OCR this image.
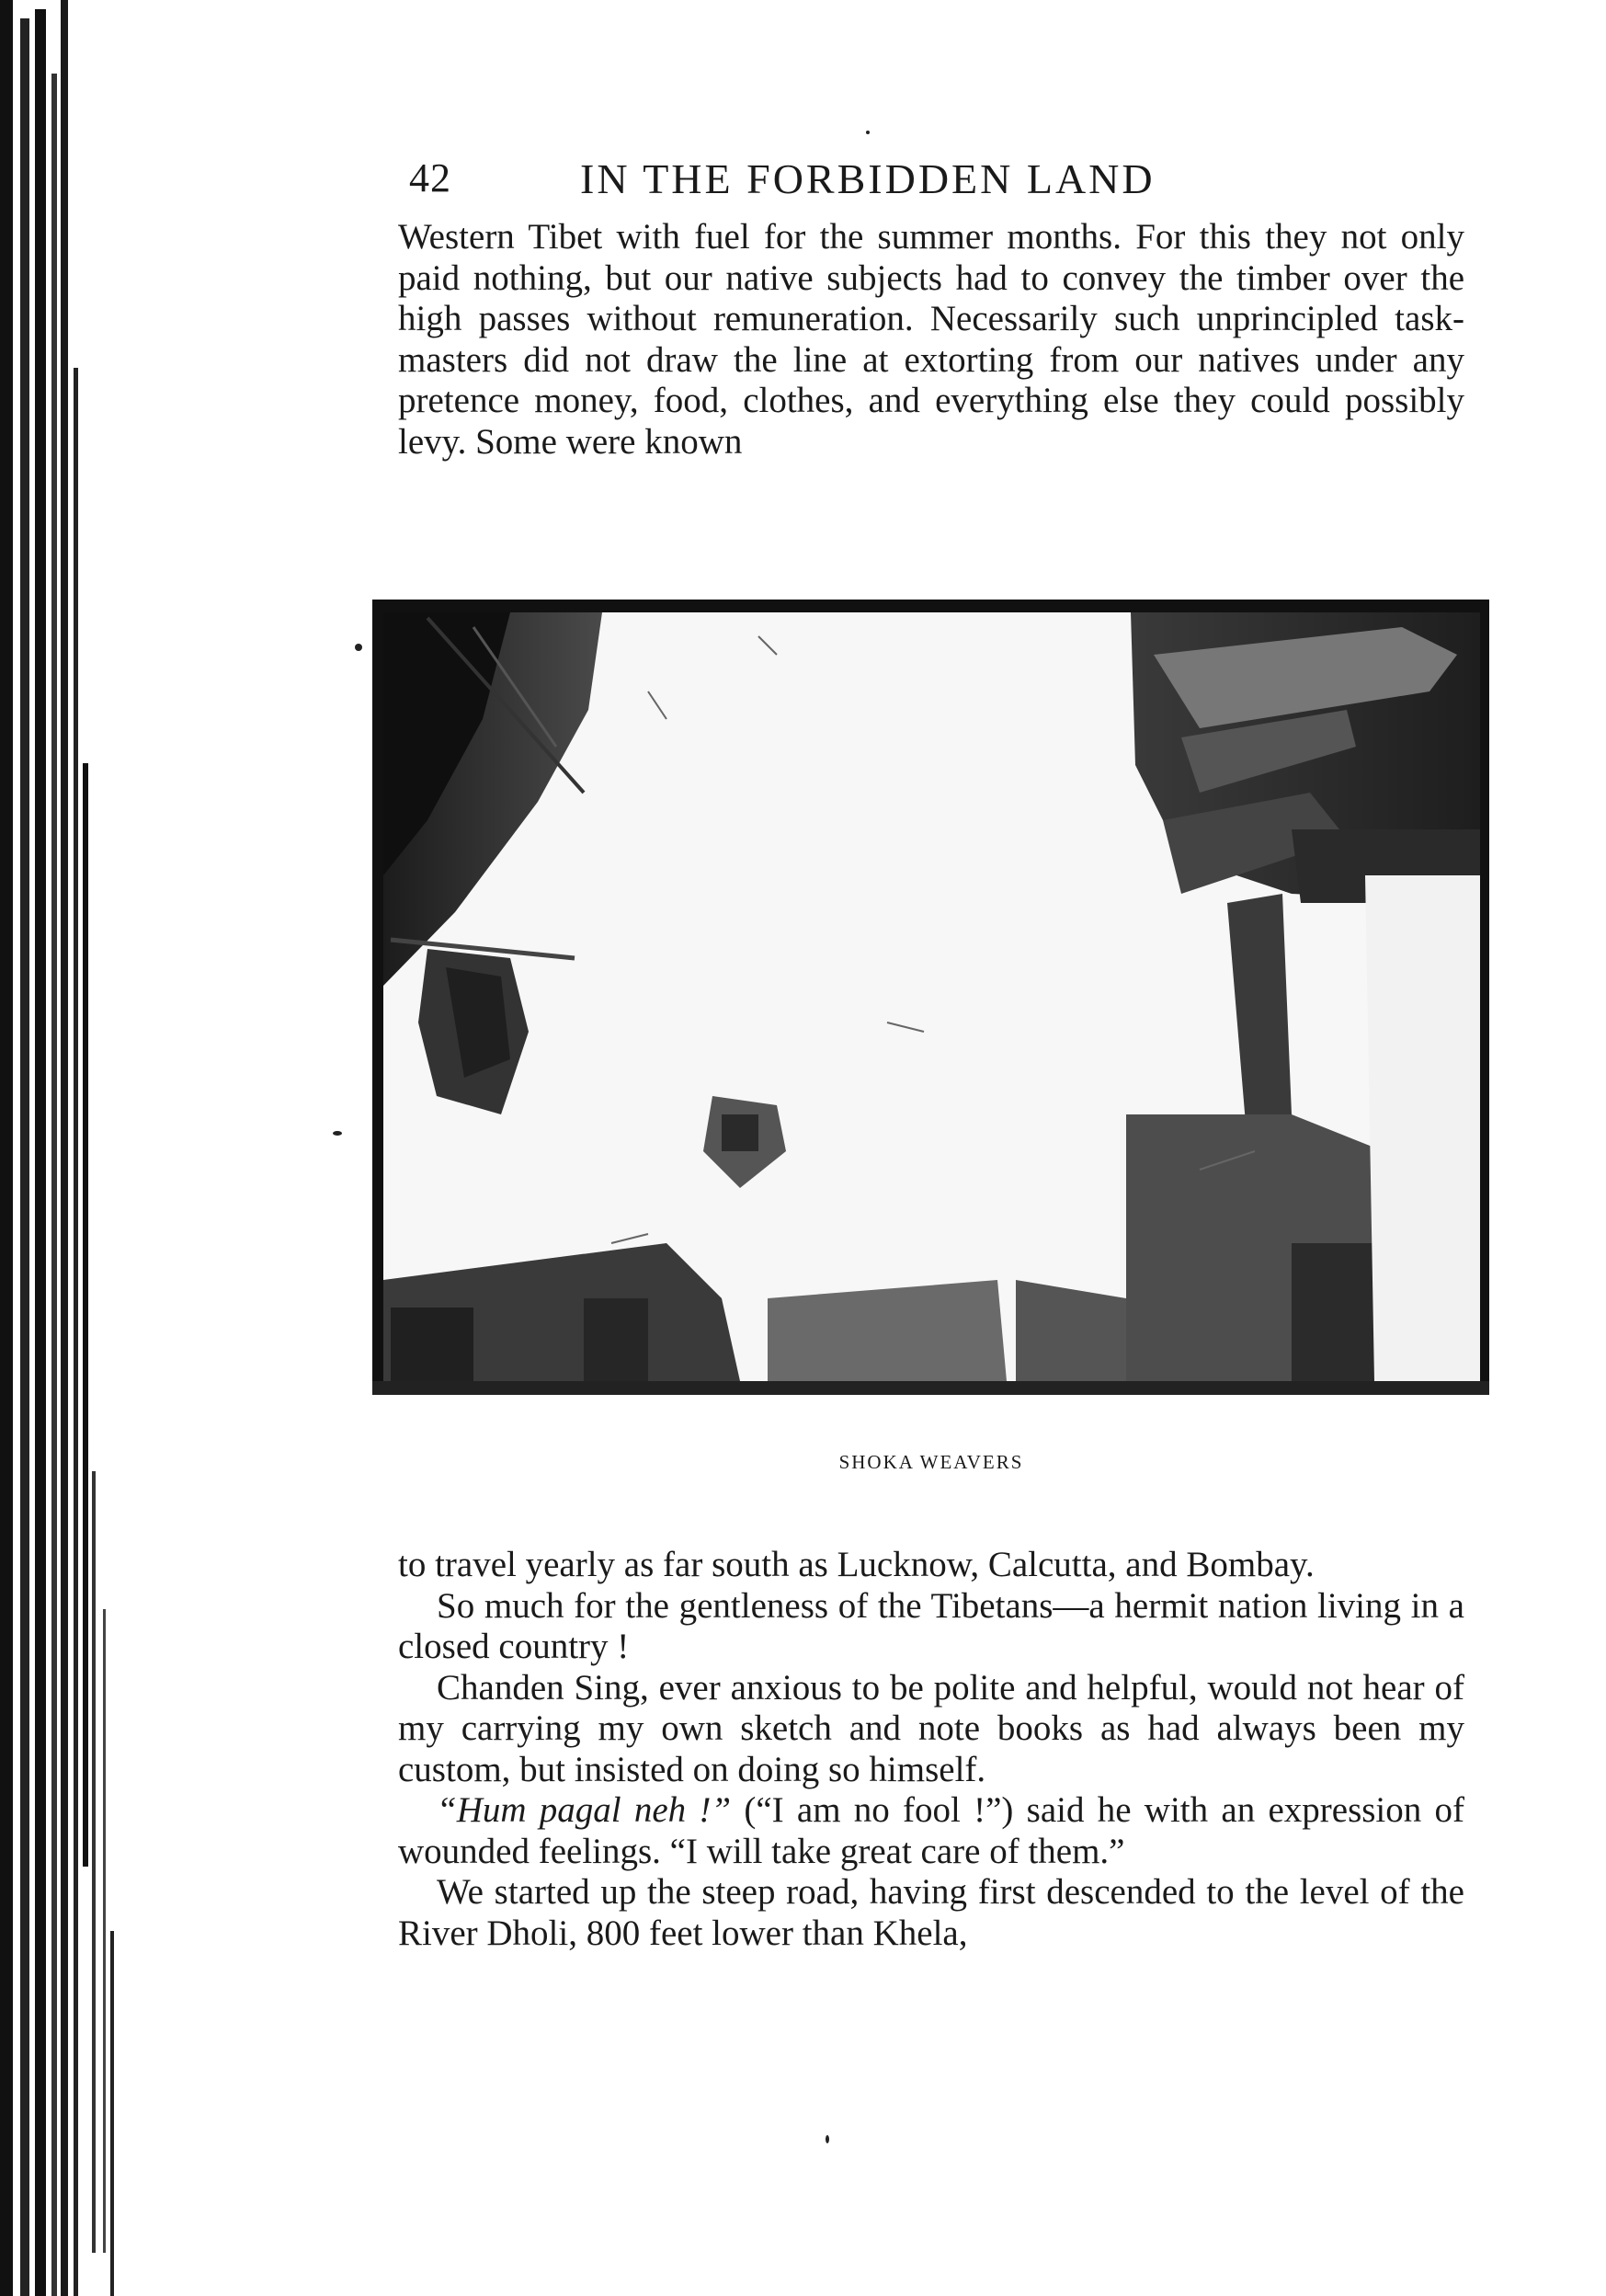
42	IN THE FORBIDDEN LAND

Western Tibet with fuel for the summer months. For this they not only paid nothing, but our native subjects had to convey the timber over the high passes without remuneration. Necessarily such unprincipled task-masters did not draw the line at extorting from our natives under any pretence money, food, clothes, and everything else they could possibly levy. Some were known

SHOKA WEAVERS

to travel yearly as far south as Lucknow, Calcutta, and Bombay.

So much for the gentleness of the Tibetans—a hermit nation living in a closed country !

Chanden Sing, ever anxious to be polite and helpful, would not hear of my carrying my own sketch and note books as had always been my custom, but insisted on doing so himself.

“Hum pagal neh !” (“I am no fool !”) said he with an expression of wounded feelings. “I will take great care of them.”

We started up the steep road, having first descended to the level of the River Dholi, 800 feet lower than Khela,
